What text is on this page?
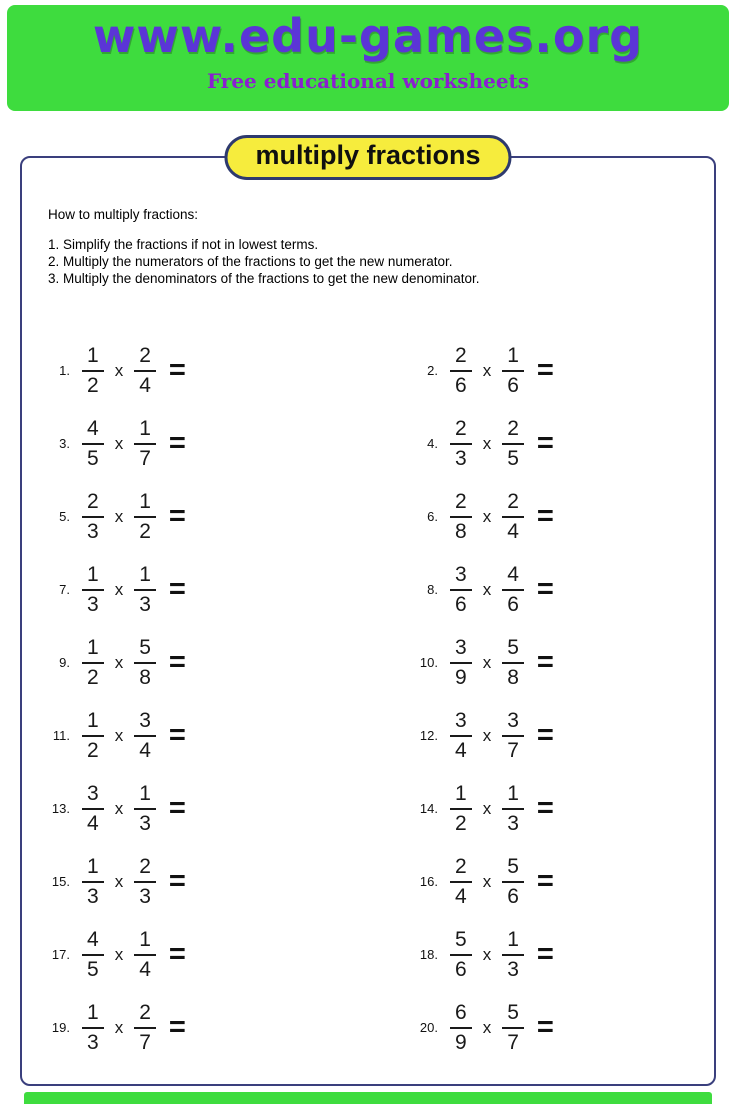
www.edu-games.org
Free educational worksheets
multiply fractions

How to multiply fractions:

1. Simplify the fractions if not in lowest terms.

2. Multiply the numerators of the fractions to get the new numerator.

3. Multiply the denominators of the fractions to get the new denominator.

1. $\frac{1}{2}$ x $\frac{2}{4}$ =	2. $\frac{2}{6}$ x $\frac{1}{6}$ =
3. $\frac{4}{5}$ x $\frac{1}{7}$ =	4. $\frac{2}{3}$ x $\frac{2}{5}$ =
5. $\frac{2}{3}$ x $\frac{1}{2}$ =	6. $\frac{2}{8}$ x $\frac{2}{4}$ =
7. $\frac{1}{3}$ x $\frac{1}{3}$ =	8. $\frac{3}{6}$ x $\frac{4}{6}$ =
9. $\frac{1}{2}$ x $\frac{5}{8}$ =	10. $\frac{3}{9}$ x $\frac{5}{8}$ =
11. $\frac{1}{2}$ x $\frac{3}{4}$ =	12. $\frac{3}{4}$ x $\frac{3}{7}$ =
13. $\frac{3}{4}$ x $\frac{1}{3}$ =	14. $\frac{1}{2}$ x $\frac{1}{3}$ =
15. $\frac{1}{3}$ x $\frac{2}{3}$ =	16. $\frac{2}{4}$ x $\frac{5}{6}$ =
17. $\frac{4}{5}$ x $\frac{1}{4}$ =	18. $\frac{5}{6}$ x $\frac{1}{3}$ =
19. $\frac{1}{3}$ x $\frac{2}{7}$ =	20. $\frac{6}{9}$ x $\frac{5}{7}$ =
